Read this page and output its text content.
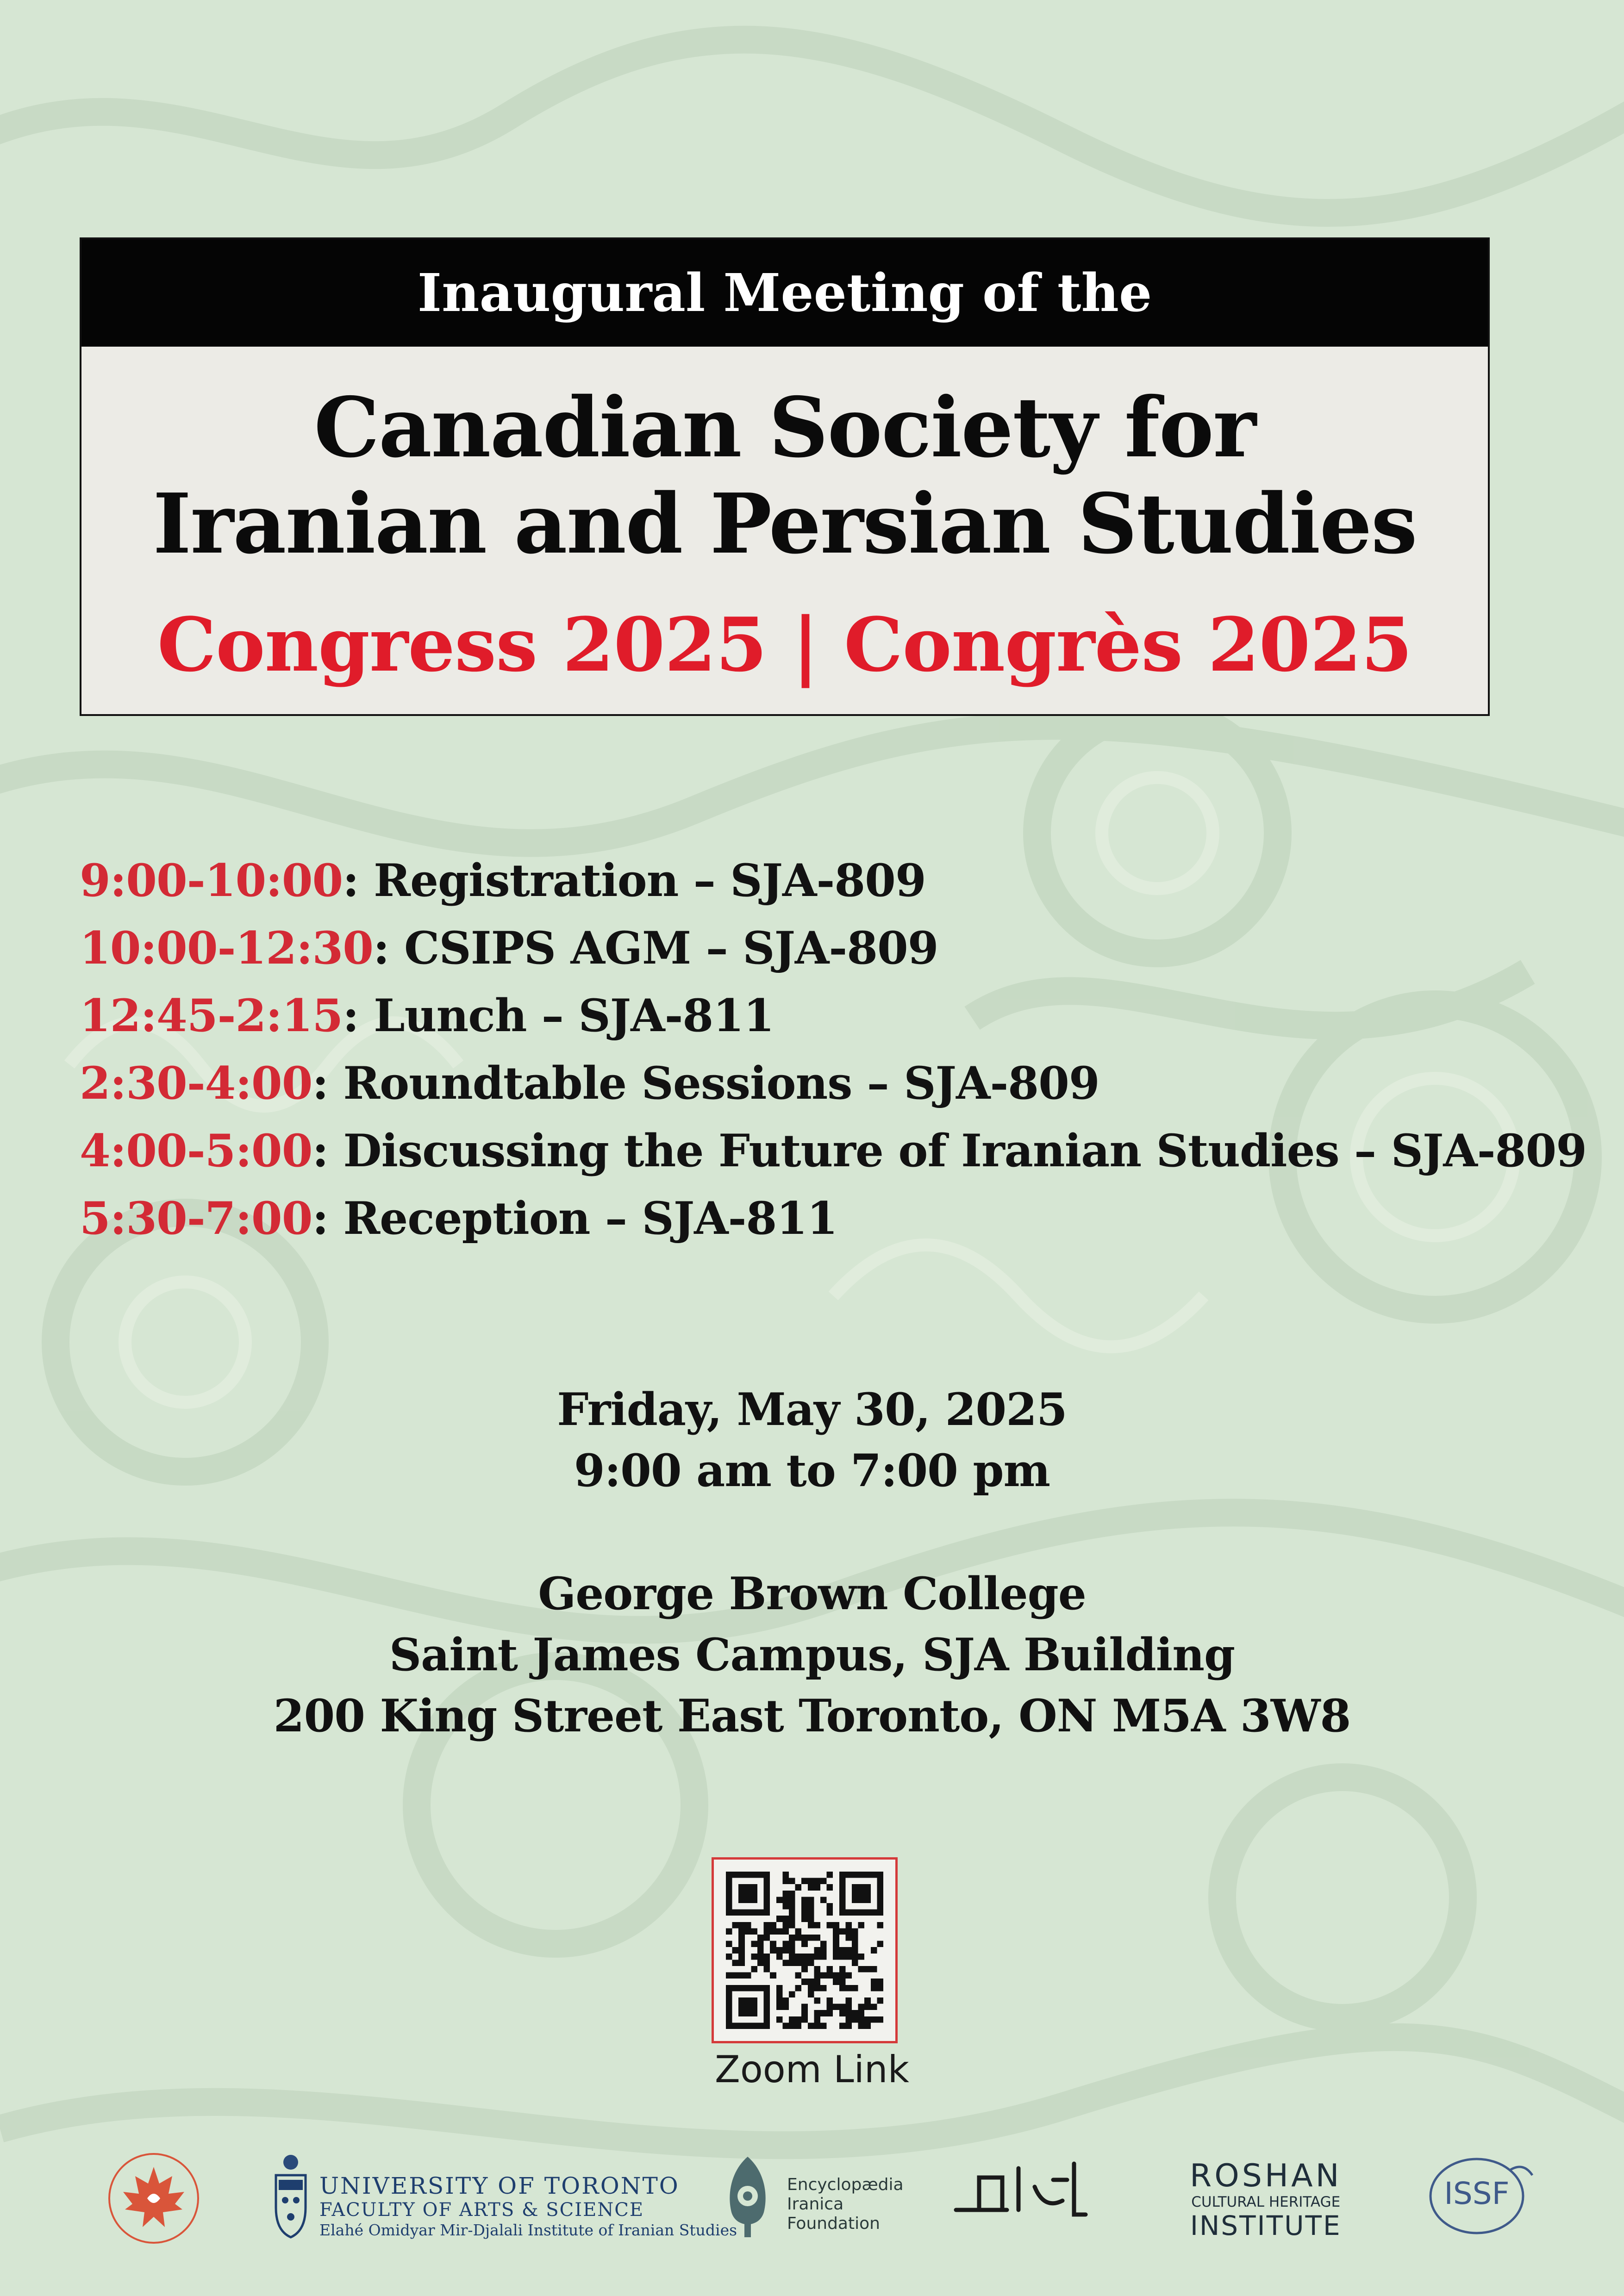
Inaugural Meeting of the
Canadian Society for
Iranian and Persian Studies
Congress 2025 | Congrès 2025
9:00-10:00: Registration – SJA-809
10:00-12:30: CSIPS AGM – SJA-809
12:45-2:15: Lunch – SJA-811
2:30-4:00: Roundtable Sessions – SJA-809
4:00-5:00: Discussing the Future of Iranian Studies – SJA-809
5:30-7:00: Reception – SJA-811
Friday, May 30, 2025
9:00 am to 7:00 pm
George Brown College
Saint James Campus, SJA Building
200 King Street East Toronto, ON M5A 3W8
Zoom Link
UNIVERSITY OF TORONTO
FACULTY OF ARTS & SCIENCE
Elahé Omidyar Mir-Djalali Institute of Iranian Studies
Encyclopædia
Iranica
Foundation
ROSHAN
CULTURAL HERITAGE
INSTITUTE
ISSF
